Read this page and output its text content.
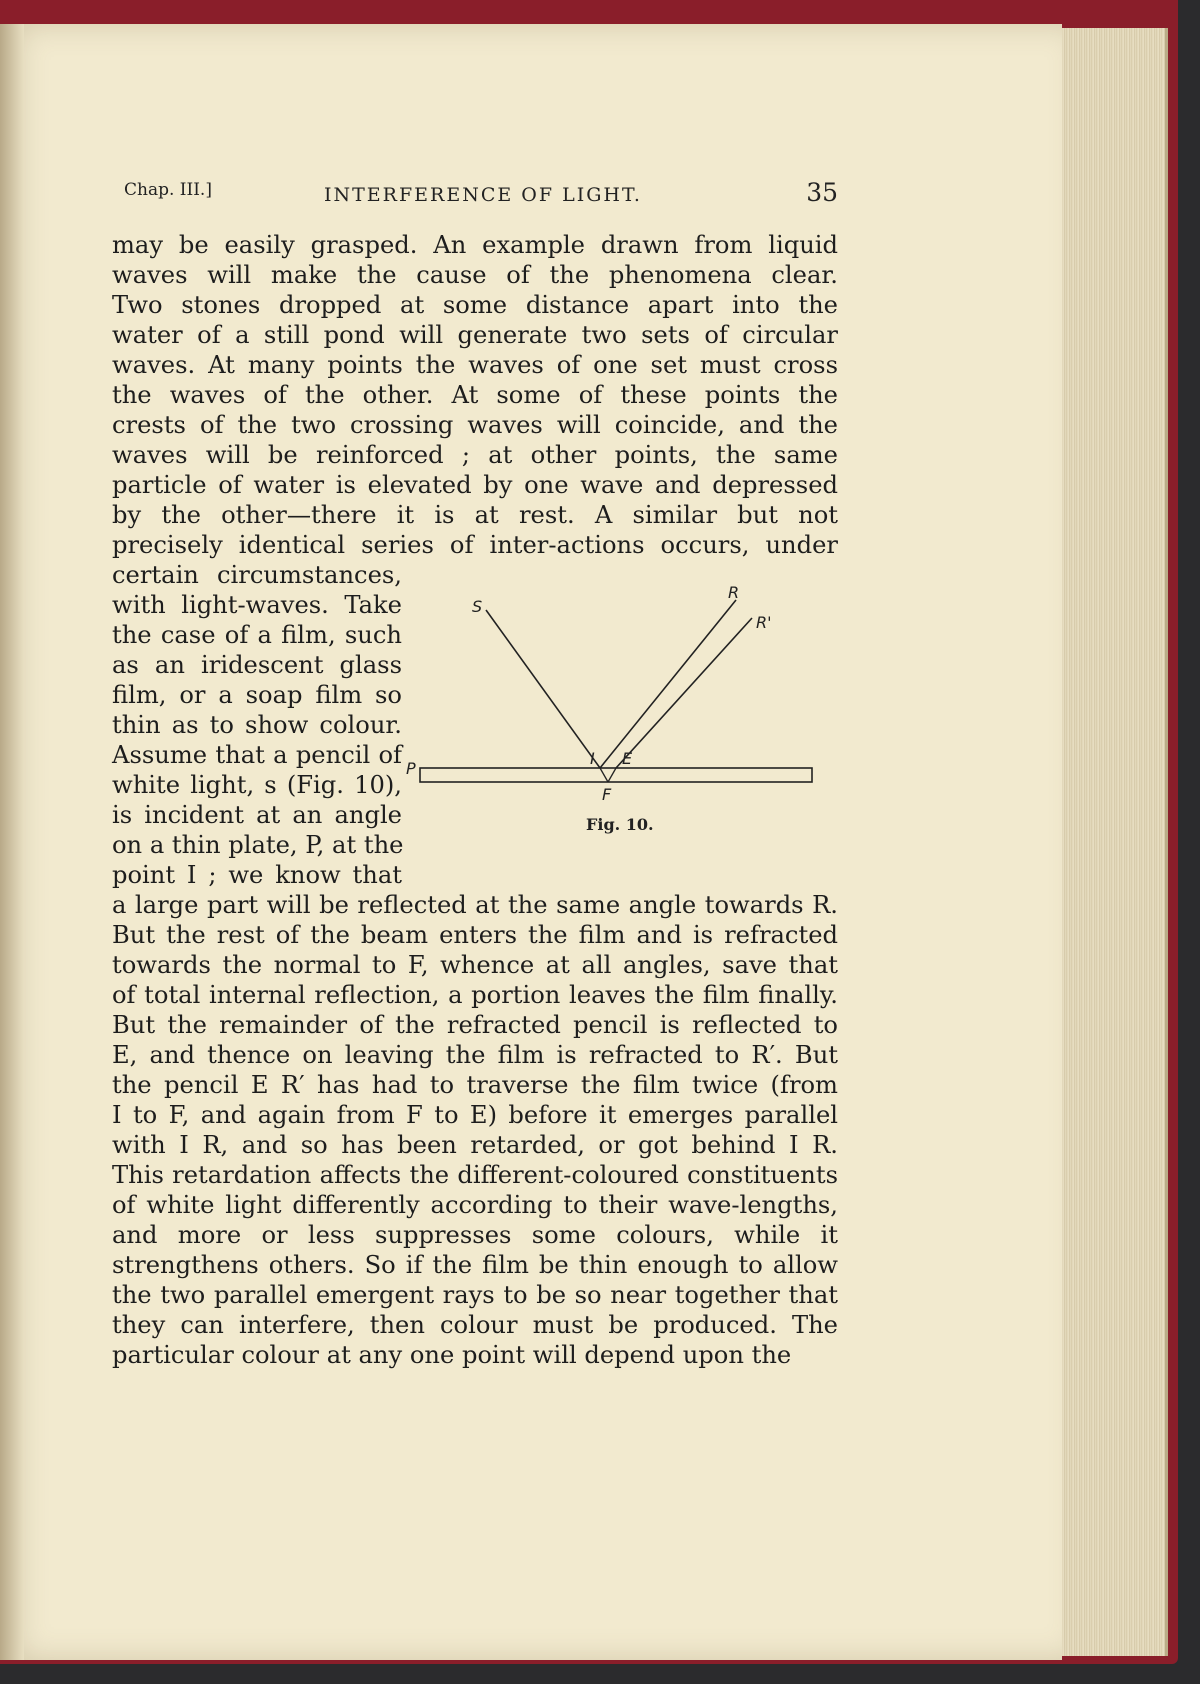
Chap. III.]	INTERFERENCE OF LIGHT.	35
may be easily grasped. An example drawn from liquid
waves will make the cause of the phenomena clear.
Two stones dropped at some distance apart into the
water of a still pond will generate two sets of circular
waves. At many points the waves of one set must cross
the waves of the other. At some of these points the
crests of the two crossing waves will coincide, and the
waves will be reinforced ; at other points, the same
particle of water is elevated by one wave and depressed
by the other—there it is at rest. A similar but not
precisely identical series of inter-actions occurs, under
certain circumstances,
with light-waves. Take
the case of a film, such
as an iridescent glass
film, or a soap film so
thin as to show colour.
Assume that a pencil of
white light, s (Fig. 10),
is incident at an angle
on a thin plate, P, at the
point I ; we know that
a large part will be reflected at the same angle towards R.
But the rest of the beam enters the film and is refracted
towards the normal to F, whence at all angles, save that
of total internal reflection, a portion leaves the film finally.
But the remainder of the refracted pencil is reflected to
E, and thence on leaving the film is refracted to R′. But
the pencil E R′ has had to traverse the film twice (from
I to F, and again from F to E) before it emerges parallel
with I R, and so has been retarded, or got behind I R.
This retardation affects the different-coloured constituents
of white light differently according to their wave-lengths,
and more or less suppresses some colours, while it
strengthens others. So if the film be thin enough to allow
the two parallel emergent rays to be so near together that
they can interfere, then colour must be produced. The
particular colour at any one point will depend upon the
S
R
R'
I E
P
F
Fig. 10.
